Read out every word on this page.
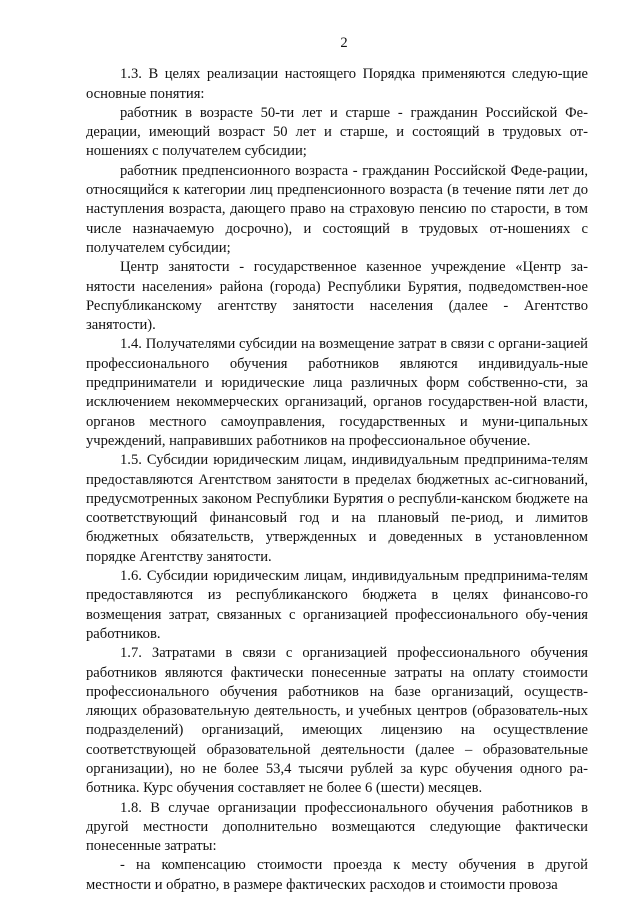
2

1.3. В целях реализации настоящего Порядка применяются следую-щие основные понятия:

работник в возрасте 50-ти лет и старше - гражданин Российской Фе-дерации, имеющий возраст 50 лет и старше, и состоящий в трудовых от-ношениях с получателем субсидии;

работник предпенсионного возраста - гражданин Российской Феде-рации, относящийся к категории лиц предпенсионного возраста (в течение пяти лет до наступления возраста, дающего право на страховую пенсию по старости, в том числе назначаемую досрочно), и состоящий в трудовых от-ношениях с получателем субсидии;

Центр занятости - государственное казенное учреждение «Центр за-нятости населения» района (города) Республики Бурятия, подведомствен-ное Республиканскому агентству занятости населения (далее - Агентство занятости).

1.4. Получателями субсидии на возмещение затрат в связи с органи-зацией профессионального обучения работников являются индивидуаль-ные предприниматели и юридические лица различных форм собственно-сти, за исключением некоммерческих организаций, органов государствен-ной власти, органов местного самоуправления, государственных и муни-ципальных учреждений, направивших работников на профессиональное обучение.

1.5. Субсидии юридическим лицам, индивидуальным предпринима-телям предоставляются Агентством занятости в пределах бюджетных ас-сигнований, предусмотренных законом Республики Бурятия о республи-канском бюджете на соответствующий финансовый год и на плановый пе-риод, и лимитов бюджетных обязательств, утвержденных и доведенных в установленном порядке Агентству занятости.

1.6. Субсидии юридическим лицам, индивидуальным предпринима-телям предоставляются из республиканского бюджета в целях финансово-го возмещения затрат, связанных с организацией профессионального обу-чения работников.

1.7. Затратами в связи с организацией профессионального обучения работников являются фактически понесенные затраты на оплату стоимости профессионального обучения работников на базе организаций, осуществ-ляющих образовательную деятельность, и учебных центров (образователь-ных подразделений) организаций, имеющих лицензию на осуществление соответствующей образовательной деятельности (далее – образовательные организации), но не более 53,4 тысячи рублей за курс обучения одного ра-ботника. Курс обучения составляет не более 6 (шести) месяцев.

1.8. В случае организации профессионального обучения работников в другой местности дополнительно возмещаются следующие фактически понесенные затраты:

- на компенсацию стоимости проезда к месту обучения в другой местности и обратно, в размере фактических расходов и стоимости провоза
